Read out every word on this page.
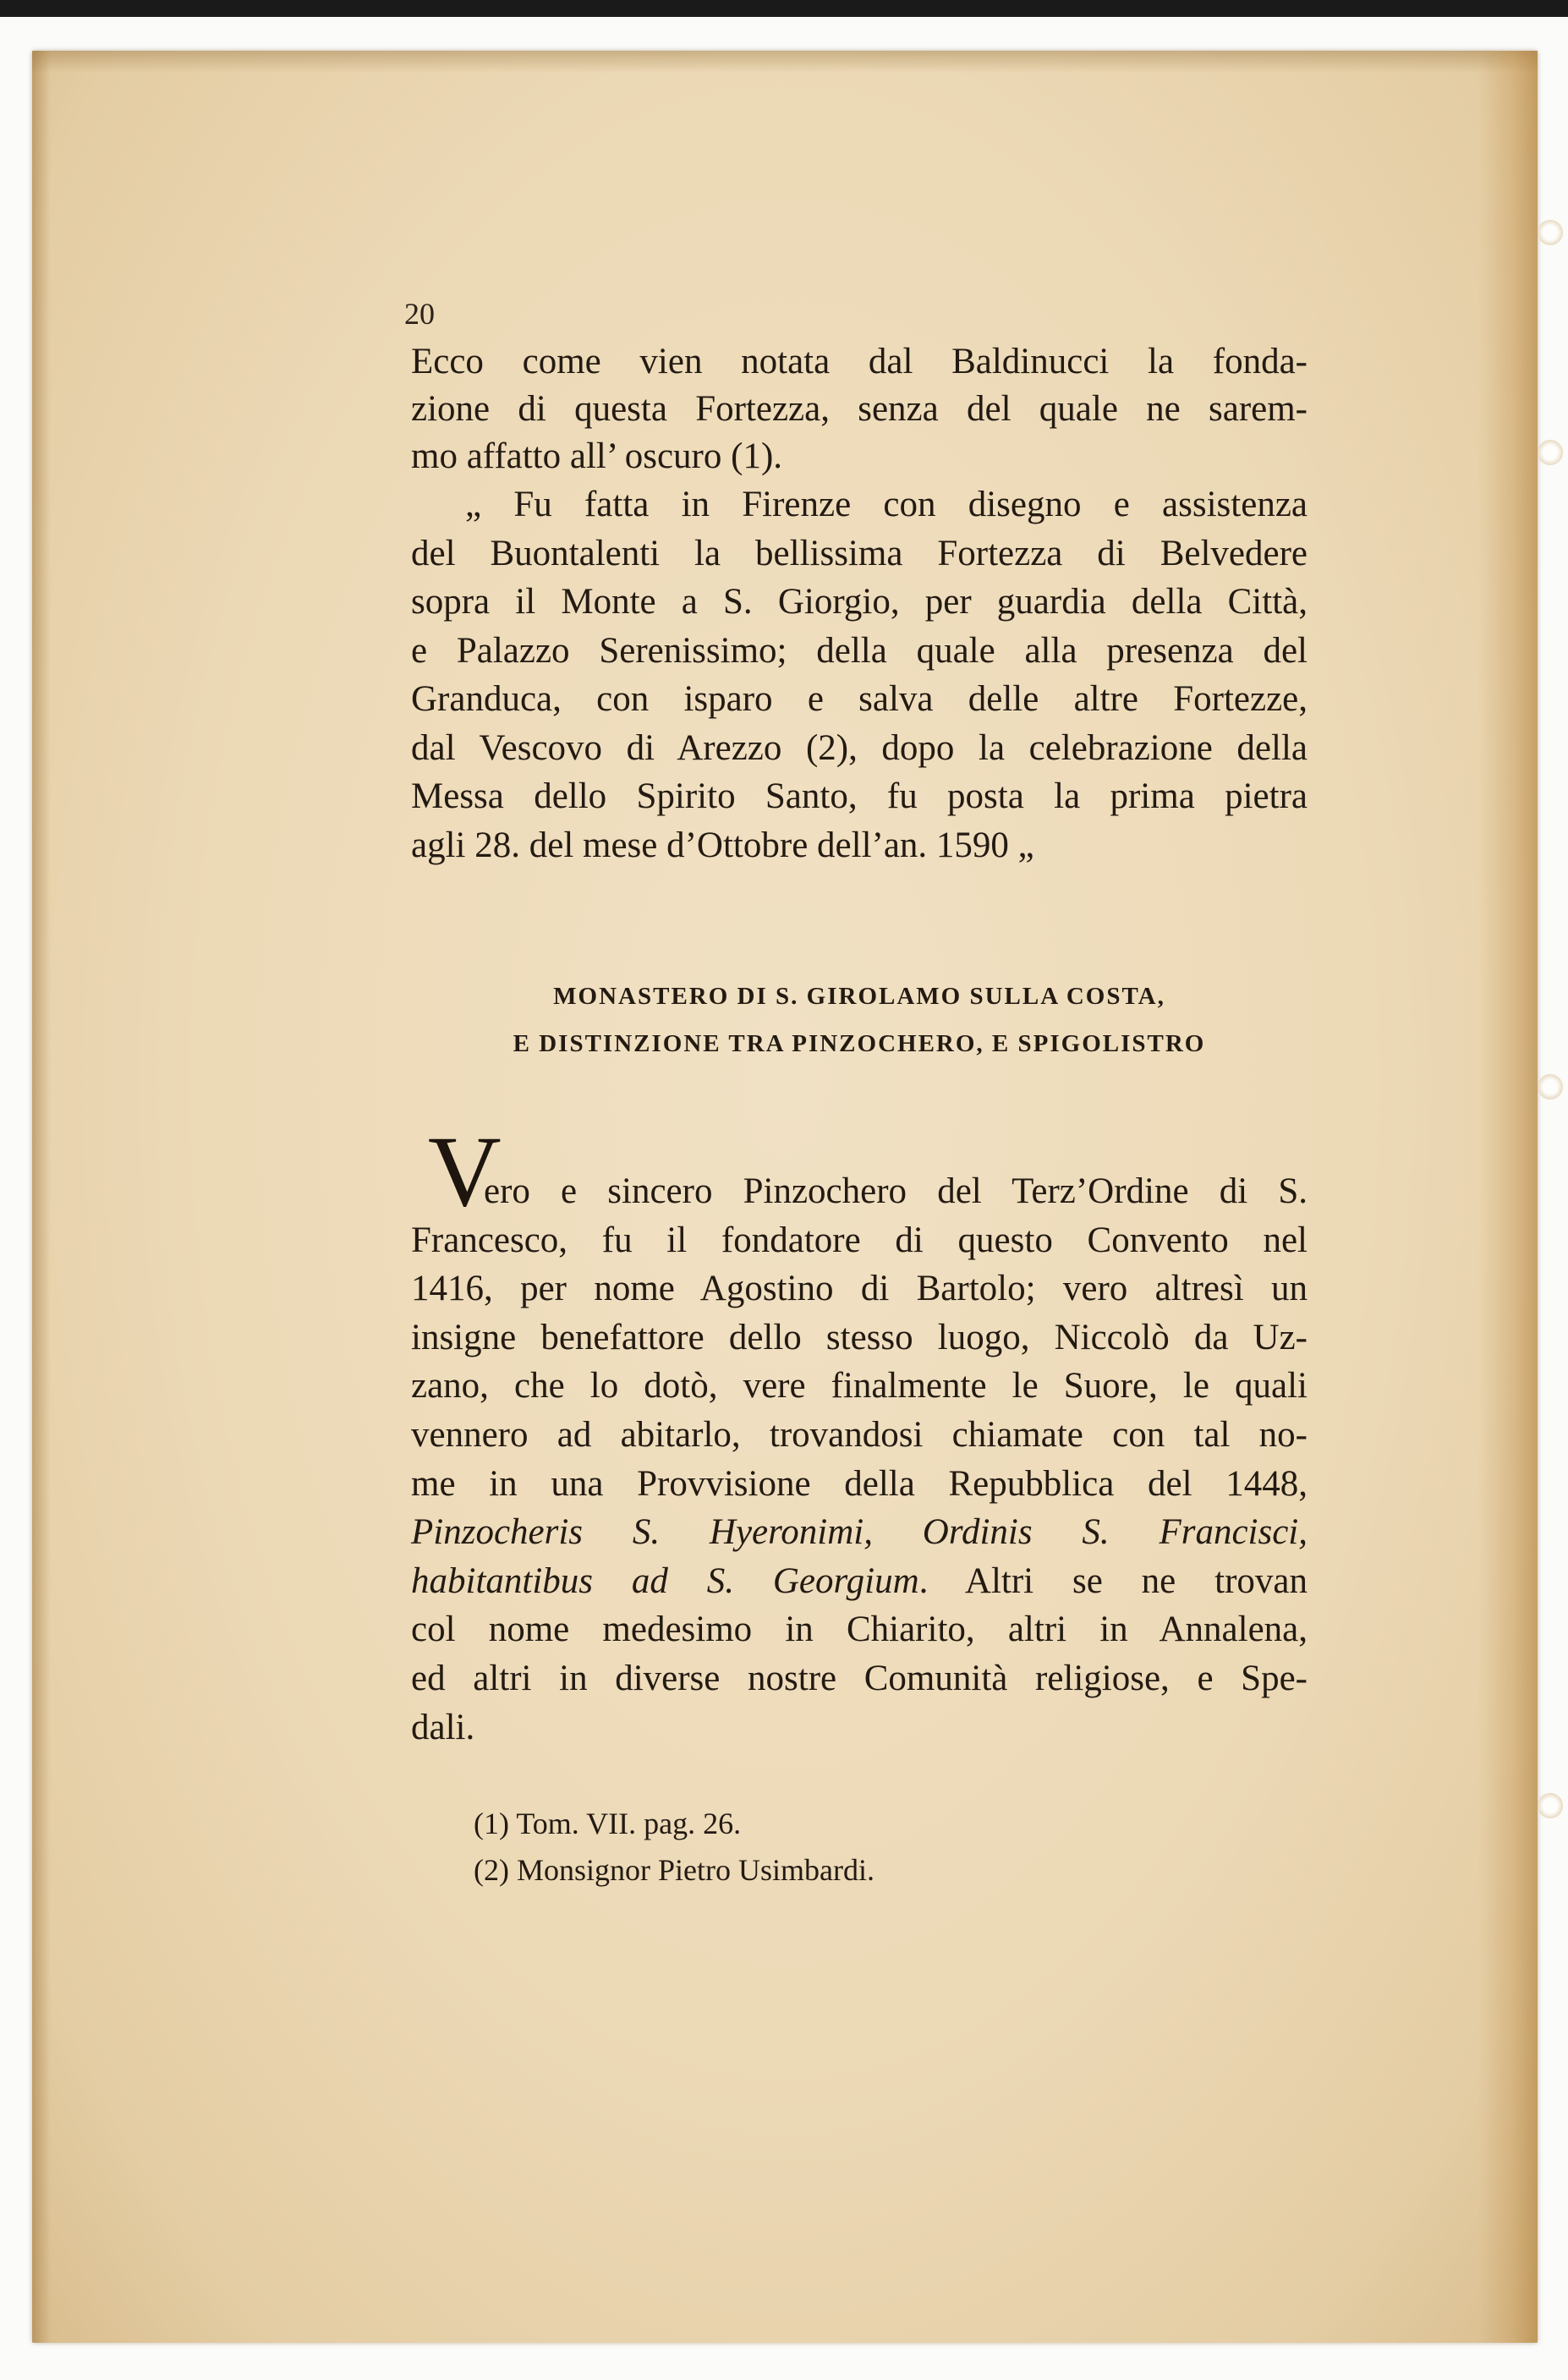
20
Ecco come vien notata dal Baldinucci la fonda-
zione di questa Fortezza, senza del quale ne sarem-
mo affatto all’ oscuro (1).
„ Fu fatta in Firenze con disegno e assistenza
del Buontalenti la bellissima Fortezza di Belvedere
sopra il Monte a S. Giorgio, per guardia della Città,
e Palazzo Serenissimo; della quale alla presenza del
Granduca, con isparo e salva delle altre Fortezze,
dal Vescovo di Arezzo (2), dopo la celebrazione della
Messa dello Spirito Santo, fu posta la prima pietra
agli 28. del mese d’Ottobre dell’an. 1590 „
MONASTERO DI S. GIROLAMO SULLA COSTA,
E DISTINZIONE TRA PINZOCHERO, E SPIGOLISTRO
V
ero e sincero Pinzochero del Terz’Ordine di S.
Francesco, fu il fondatore di questo Convento nel
1416, per nome Agostino di Bartolo; vero altresì un
insigne benefattore dello stesso luogo, Niccolò da Uz-
zano, che lo dotò, vere finalmente le Suore, le quali
vennero ad abitarlo, trovandosi chiamate con tal no-
me in una Provvisione della Repubblica del 1448,
Pinzocheris S. Hyeronimi, Ordinis S. Francisci,
habitantibus ad S. Georgium. Altri se ne trovan
col nome medesimo in Chiarito, altri in Annalena,
ed altri in diverse nostre Comunità religiose, e Spe-
dali.
(1) Tom. VII. pag. 26.
(2) Monsignor Pietro Usimbardi.
